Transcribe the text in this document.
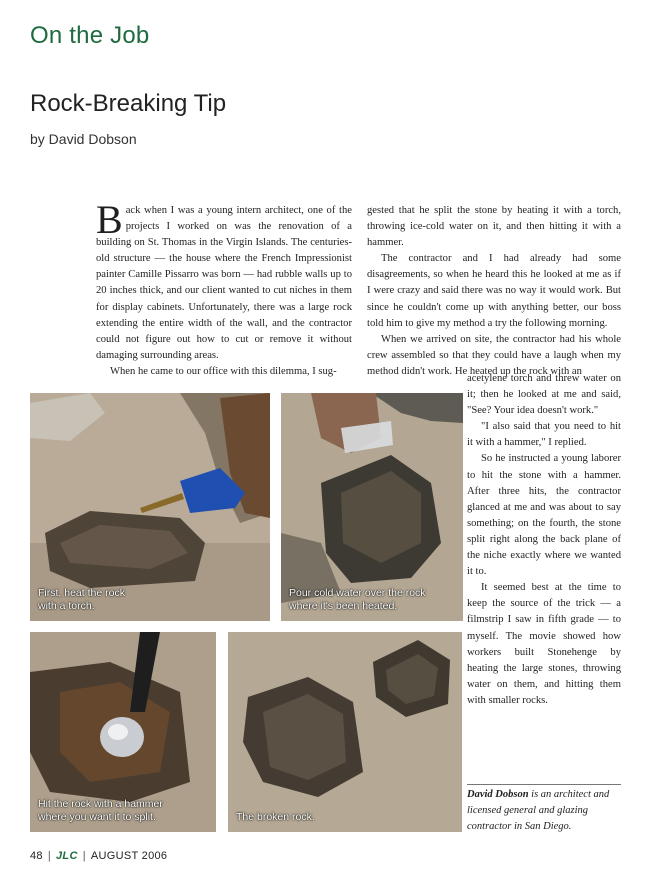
On the Job
Rock-Breaking Tip
by David Dobson

Back when I was a young intern architect, one of the projects I worked on was the renovation of a building on St. Thomas in the Virgin Islands. The centuries-old structure — the house where the French Impressionist painter Camille Pissarro was born — had rubble walls up to 20 inches thick, and our client wanted to cut niches in them for display cabinets. Unfortunately, there was a large rock extending the entire width of the wall, and the contractor could not figure out how to cut or remove it without damaging surrounding areas.

When he came to our office with this dilemma, I sug-

gested that he split the stone by heating it with a torch, throwing ice-cold water on it, and then hitting it with a hammer.

The contractor and I had already had some disagreements, so when he heard this he looked at me as if I were crazy and said there was no way it would work. But since he couldn't come up with anything better, our boss told him to give my method a try the following morning.

When we arrived on site, the contractor had his whole crew assembled so that they could have a laugh when my method didn't work. He heated up the rock with an

acetylene torch and threw water on it; then he looked at me and said, "See? Your idea doesn't work."

"I also said that you need to hit it with a hammer," I replied.

So he instructed a young laborer to hit the stone with a hammer. After three hits, the contractor glanced at me and was about to say something; on the fourth, the stone split right along the back plane of the niche exactly where we wanted it to.

It seemed best at the time to keep the source of the trick — a filmstrip I saw in fifth grade — to myself. The movie showed how workers built Stonehenge by heating the large stones, throwing water on them, and hitting them with smaller rocks.

First, heat the rock
with a torch.
Pour cold water over the rock
where it's been heated.
Hit the rock with a hammer
where you want it to split.	The broken rock.

David Dobson is an architect and licensed general and glazing contractor in San Diego.

48 | JLC | AUGUST 2006
